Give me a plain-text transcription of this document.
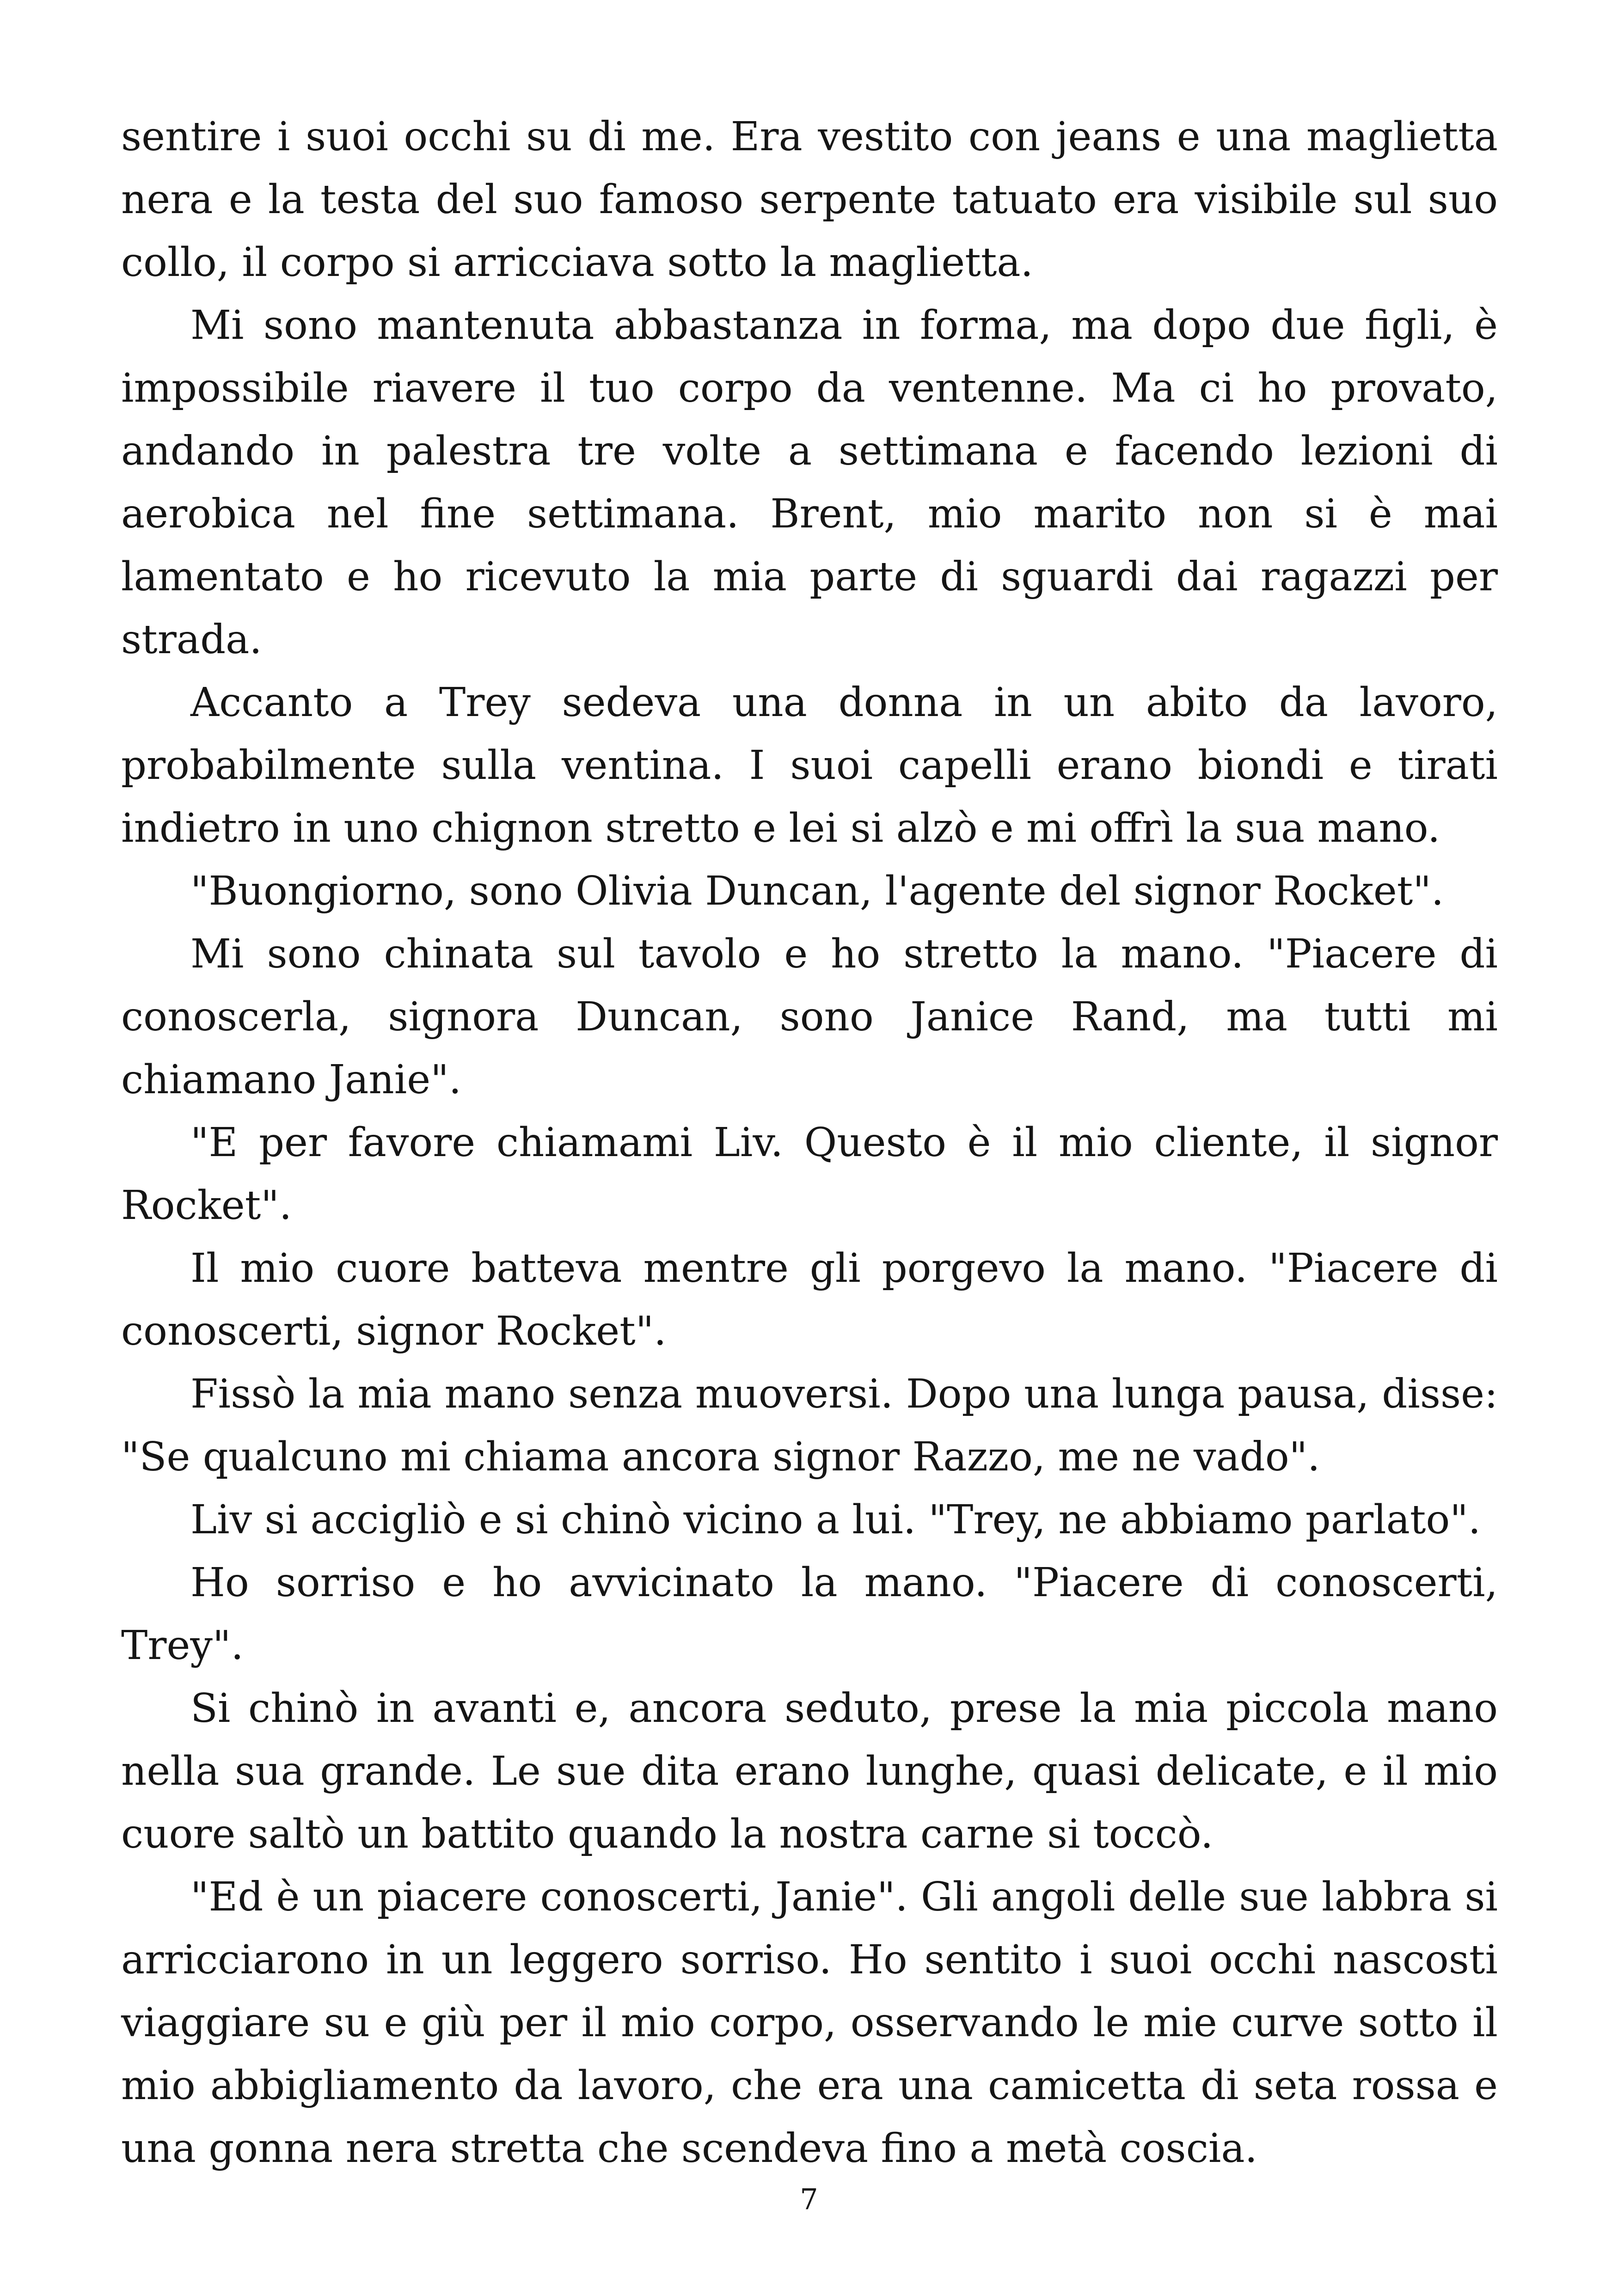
sentire i suoi occhi su di me. Era vestito con jeans e una maglietta nera e la testa del suo famoso serpente tatuato era visibile sul suo collo, il corpo si arricciava sotto la maglietta.

Mi sono mantenuta abbastanza in forma, ma dopo due figli, è impossibile riavere il tuo corpo da ventenne. Ma ci ho provato, andando in palestra tre volte a settimana e facendo lezioni di aerobica nel fine settimana. Brent, mio marito non si è mai lamentato e ho ricevuto la mia parte di sguardi dai ragazzi per strada.

Accanto a Trey sedeva una donna in un abito da lavoro, probabilmente sulla ventina. I suoi capelli erano biondi e tirati indietro in uno chignon stretto e lei si alzò e mi offrì la sua mano.

"Buongiorno, sono Olivia Duncan, l'agente del signor Rocket".

Mi sono chinata sul tavolo e ho stretto la mano. "Piacere di conoscerla, signora Duncan, sono Janice Rand, ma tutti mi chiamano Janie".

"E per favore chiamami Liv. Questo è il mio cliente, il signor Rocket".

Il mio cuore batteva mentre gli porgevo la mano. "Piacere di conoscerti, signor Rocket".

Fissò la mia mano senza muoversi. Dopo una lunga pausa, disse: "Se qualcuno mi chiama ancora signor Razzo, me ne vado".

Liv si accigliò e si chinò vicino a lui. "Trey, ne abbiamo parlato".

Ho sorriso e ho avvicinato la mano. "Piacere di conoscerti, Trey".

Si chinò in avanti e, ancora seduto, prese la mia piccola mano nella sua grande. Le sue dita erano lunghe, quasi delicate, e il mio cuore saltò un battito quando la nostra carne si toccò.

"Ed è un piacere conoscerti, Janie". Gli angoli delle sue labbra si arricciarono in un leggero sorriso. Ho sentito i suoi occhi nascosti viaggiare su e giù per il mio corpo, osservando le mie curve sotto il mio abbigliamento da lavoro, che era una camicetta di seta rossa e una gonna nera stretta che scendeva fino a metà coscia.

7
